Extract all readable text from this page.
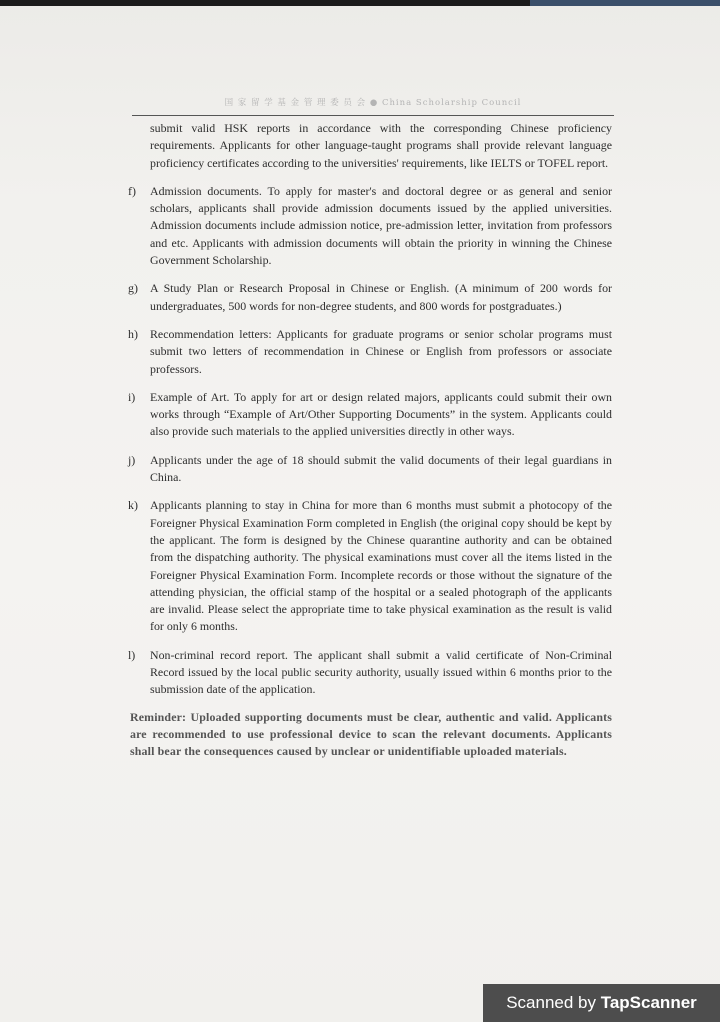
国 家 留 学 基 金 管 理 委 员 会 ● China Scholarship Council
submit valid HSK reports in accordance with the corresponding Chinese proficiency requirements. Applicants for other language-taught programs shall provide relevant language proficiency certificates according to the universities' requirements, like IELTS or TOFEL report.
f) Admission documents. To apply for master's and doctoral degree or as general and senior scholars, applicants shall provide admission documents issued by the applied universities. Admission documents include admission notice, pre-admission letter, invitation from professors and etc. Applicants with admission documents will obtain the priority in winning the Chinese Government Scholarship.
g) A Study Plan or Research Proposal in Chinese or English. (A minimum of 200 words for undergraduates, 500 words for non-degree students, and 800 words for postgraduates.)
h) Recommendation letters: Applicants for graduate programs or senior scholar programs must submit two letters of recommendation in Chinese or English from professors or associate professors.
i) Example of Art. To apply for art or design related majors, applicants could submit their own works through “Example of Art/Other Supporting Documents” in the system. Applicants could also provide such materials to the applied universities directly in other ways.
j) Applicants under the age of 18 should submit the valid documents of their legal guardians in China.
k) Applicants planning to stay in China for more than 6 months must submit a photocopy of the Foreigner Physical Examination Form completed in English (the original copy should be kept by the applicant. The form is designed by the Chinese quarantine authority and can be obtained from the dispatching authority. The physical examinations must cover all the items listed in the Foreigner Physical Examination Form. Incomplete records or those without the signature of the attending physician, the official stamp of the hospital or a sealed photograph of the applicants are invalid. Please select the appropriate time to take physical examination as the result is valid for only 6 months.
l) Non-criminal record report. The applicant shall submit a valid certificate of Non-Criminal Record issued by the local public security authority, usually issued within 6 months prior to the submission date of the application.
Reminder: Uploaded supporting documents must be clear, authentic and valid. Applicants are recommended to use professional device to scan the relevant documents. Applicants shall bear the consequences caused by unclear or unidentifiable uploaded materials.
Scanned by TapScanner
